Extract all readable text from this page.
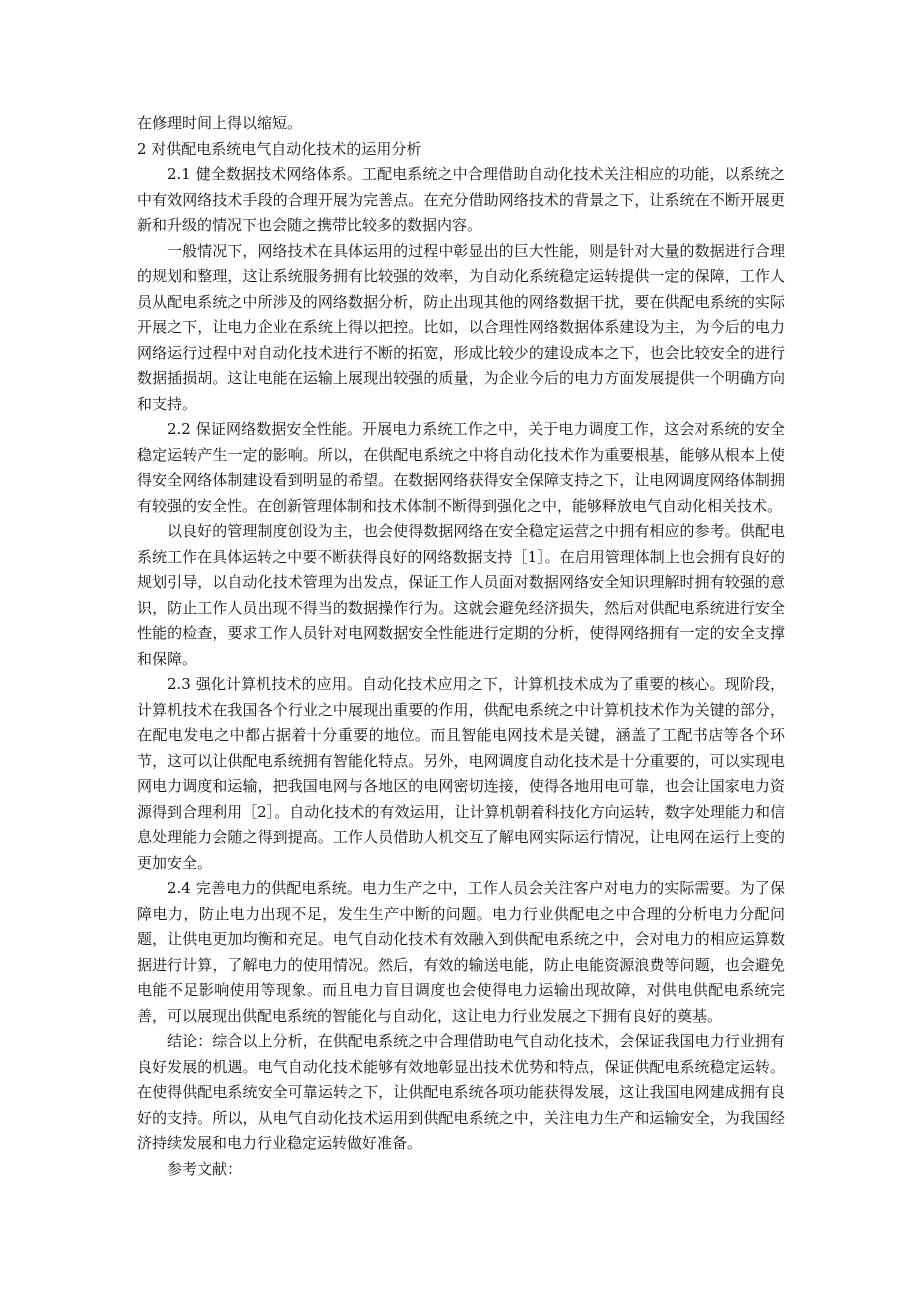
在修理时间上得以缩短。

2 对供配电系统电气自动化技术的运用分析

2.1 健全数据技术网络体系。工配电系统之中合理借助自动化技术关注相应的功能，以系统之中有效网络技术手段的合理开展为完善点。在充分借助网络技术的背景之下，让系统在不断开展更新和升级的情况下也会随之携带比较多的数据内容。

一般情况下，网络技术在具体运用的过程中彰显出的巨大性能，则是针对大量的数据进行合理的规划和整理，这让系统服务拥有比较强的效率，为自动化系统稳定运转提供一定的保障，工作人员从配电系统之中所涉及的网络数据分析，防止出现其他的网络数据干扰，要在供配电系统的实际开展之下，让电力企业在系统上得以把控。比如，以合理性网络数据体系建设为主，为今后的电力网络运行过程中对自动化技术进行不断的拓宽，形成比较少的建设成本之下，也会比较安全的进行数据插损胡。这让电能在运输上展现出较强的质量，为企业今后的电力方面发展提供一个明确方向和支持。

2.2 保证网络数据安全性能。开展电力系统工作之中，关于电力调度工作，这会对系统的安全稳定运转产生一定的影响。所以，在供配电系统之中将自动化技术作为重要根基，能够从根本上使得安全网络体制建设看到明显的希望。在数据网络获得安全保障支持之下，让电网调度网络体制拥有较强的安全性。在创新管理体制和技术体制不断得到强化之中，能够释放电气自动化相关技术。

以良好的管理制度创设为主，也会使得数据网络在安全稳定运营之中拥有相应的参考。供配电系统工作在具体运转之中要不断获得良好的网络数据支持［1］。在启用管理体制上也会拥有良好的规划引导，以自动化技术管理为出发点，保证工作人员面对数据网络安全知识理解时拥有较强的意识，防止工作人员出现不得当的数据操作行为。这就会避免经济损失，然后对供配电系统进行安全性能的检查，要求工作人员针对电网数据安全性能进行定期的分析，使得网络拥有一定的安全支撑和保障。

2.3 强化计算机技术的应用。自动化技术应用之下，计算机技术成为了重要的核心。现阶段，计算机技术在我国各个行业之中展现出重要的作用，供配电系统之中计算机技术作为关键的部分，在配电发电之中都占据着十分重要的地位。而且智能电网技术是关键，涵盖了工配书店等各个环节，这可以让供配电系统拥有智能化特点。另外，电网调度自动化技术是十分重要的，可以实现电网电力调度和运输，把我国电网与各地区的电网密切连接，使得各地用电可靠，也会让国家电力资源得到合理利用［2］。自动化技术的有效运用，让计算机朝着科技化方向运转，数字处理能力和信息处理能力会随之得到提高。工作人员借助人机交互了解电网实际运行情况，让电网在运行上变的更加安全。

2.4 完善电力的供配电系统。电力生产之中，工作人员会关注客户对电力的实际需要。为了保障电力，防止电力出现不足，发生生产中断的问题。电力行业供配电之中合理的分析电力分配问题，让供电更加均衡和充足。电气自动化技术有效融入到供配电系统之中，会对电力的相应运算数据进行计算，了解电力的使用情况。然后，有效的输送电能，防止电能资源浪费等问题，也会避免电能不足影响使用等现象。而且电力盲目调度也会使得电力运输出现故障，对供电供配电系统完善，可以展现出供配电系统的智能化与自动化，这让电力行业发展之下拥有良好的奠基。

结论：综合以上分析，在供配电系统之中合理借助电气自动化技术，会保证我国电力行业拥有良好发展的机遇。电气自动化技术能够有效地彰显出技术优势和特点，保证供配电系统稳定运转。在使得供配电系统安全可靠运转之下，让供配电系统各项功能获得发展，这让我国电网建成拥有良好的支持。所以，从电气自动化技术运用到供配电系统之中，关注电力生产和运输安全，为我国经济持续发展和电力行业稳定运转做好准备。

参考文献：
